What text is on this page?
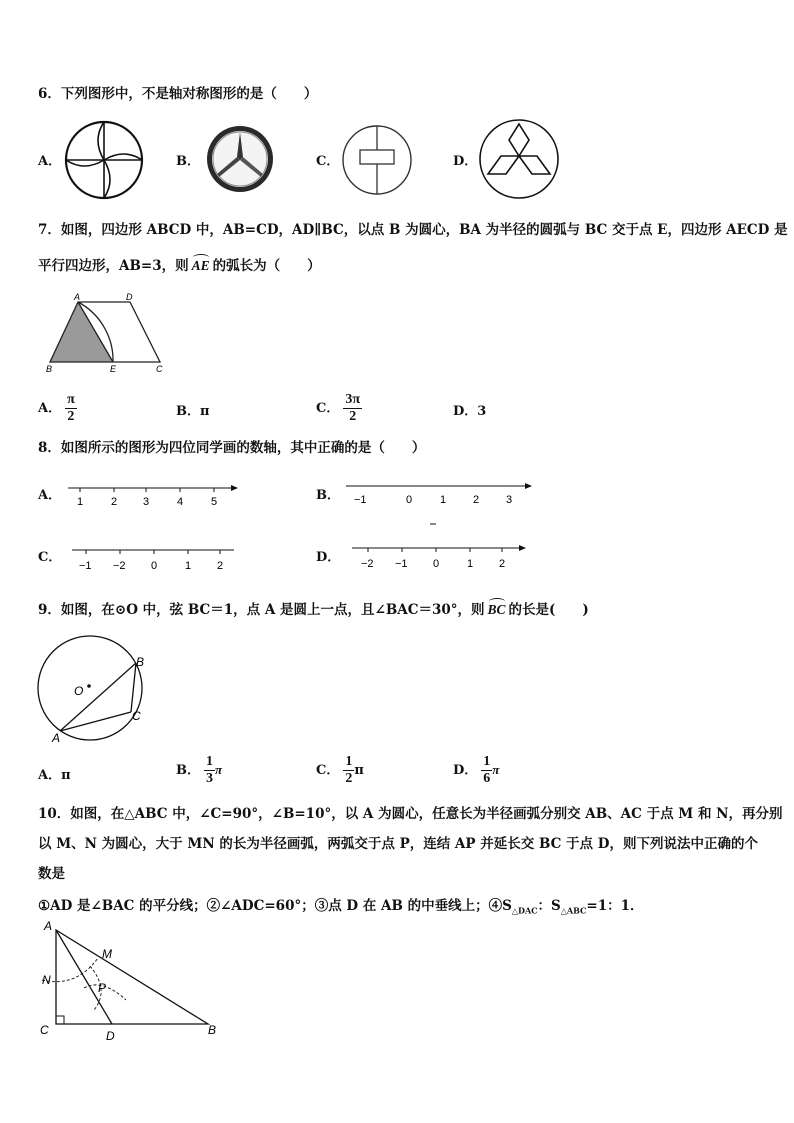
6．下列图形中，不是轴对称图形的是（　　）
A．	B．	C．	D．
7．如图，四边形 ABCD 中，AB=CD，AD∥BC，以点 B 为圆心，BA 为半径的圆弧与 BC 交于点 E，四边形 AECD 是
平行四边形，AB=3，则 AE 的弧长为（　　）
A	D
B	E	C
A． $\frac{\pi}{2}$	B．π	C． $\frac{3\pi}{2}$	D．3
8．如图所示的图形为四位同学画的数轴，其中正确的是（　　）
A． 1	2 3	4	5	B． −1	0	1 2 3
C．
−1 −2 0	1 2
D． −2 −1 0	1 2
9．如图，在⊙O 中，弦 BC＝1，点 A 是圆上一点，且∠BAC＝30°，则 BC 的长是(　　)
O
B
C
A
A．π	B． $\frac{1}{3}$ π	C． $\frac{1}{2}$ π	D． $\frac{1}{6}$ π
10．如图，在△ABC 中，∠C=90°，∠B=10°，以 A 为圆心，任意长为半径画弧分别交 AB、AC 于点 M 和 N，再分别
以 M、N 为圆心，大于 MN 的长为半径画弧，两弧交于点 P，连结 AP 并延长交 BC 于点 D，则下列说法中正确的个
数是
①AD 是∠BAC 的平分线；②∠ADC=60°；③点 D 在 AB 的中垂线上；$④S_{\triangle DAC}$：$S_{\triangle ABC}=1$：1．
A
M
N
P
C	D	B
